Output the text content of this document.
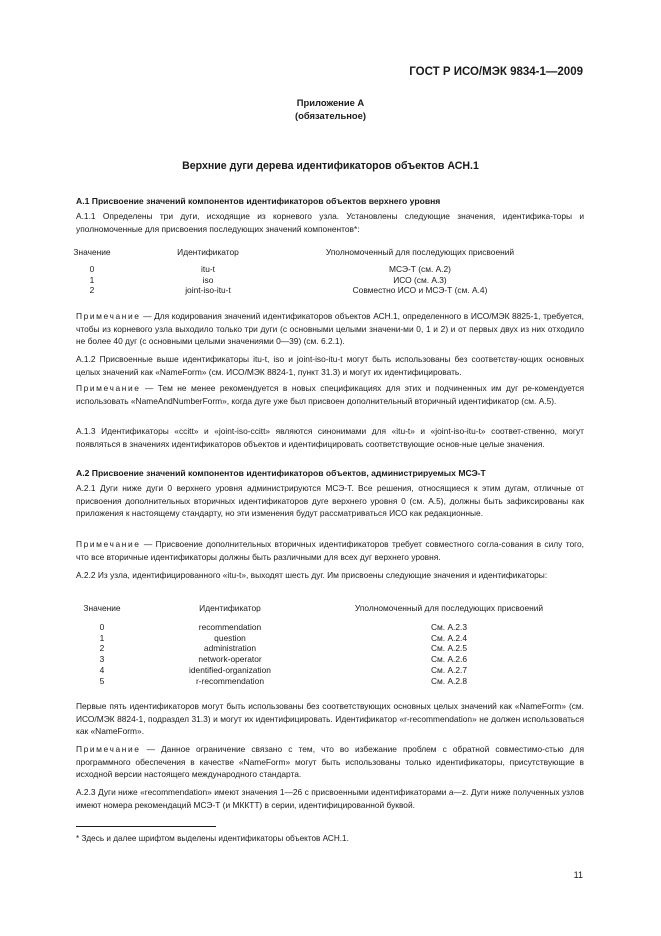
ГОСТ Р ИСО/МЭК 9834-1—2009
Приложение А
(обязательное)
Верхние дуги дерева идентификаторов объектов АСН.1
А.1 Присвоение значений компонентов идентификаторов объектов верхнего уровня
А.1.1 Определены три дуги, исходящие из корневого узла. Установлены следующие значения, идентифика-торы и уполномоченные для присвоения последующих значений компонентов*:
Значение	Идентификатор	Уполномоченный для последующих присвоений

0	itu-t	МСЭ-Т (см. А.2)
1	iso	ИСО (см. А.3)
2	joint-iso-itu-t	Совместно ИСО и МСЭ-Т (см. А.4)
Примечание — Для кодирования значений идентификаторов объектов АСН.1, определенного в ИСО/МЭК 8825-1, требуется, чтобы из корневого узла выходило только три дуги (с основными целыми значени-ми 0, 1 и 2) и от первых двух из них отходило не более 40 дуг (с основными целыми значениями 0—39) (см. 6.2.1).
А.1.2 Присвоенные выше идентификаторы itu-t, iso и joint-iso-itu-t могут быть использованы без соответству-ющих основных целых значений как «NameForm» (см. ИСО/МЭК 8824-1, пункт 31.3) и могут их идентифицировать.
Примечание — Тем не менее рекомендуется в новых спецификациях для этих и подчиненных им дуг ре-комендуется использовать «NameAndNumberForm», когда дуге уже был присвоен дополнительный вторичный идентификатор (см. А.5).
А.1.3 Идентификаторы «ccitt» и «joint-iso-ccitt» являются синонимами для «itu-t» и «joint-iso-itu-t» соответ-ственно, могут появляться в значениях идентификаторов объектов и идентифицировать соответствующие основ-ные целые значения.
А.2 Присвоение значений компонентов идентификаторов объектов, администрируемых МСЭ-Т
А.2.1 Дуги ниже дуги 0 верхнего уровня администрируются МСЭ-Т. Все решения, относящиеся к этим дугам, отличные от присвоения дополнительных вторичных идентификаторов дуге верхнего уровня 0 (см. А.5), должны быть зафиксированы как приложения к настоящему стандарту, но эти изменения будут рассматриваться ИСО как редакционные.
Примечание — Присвоение дополнительных вторичных идентификаторов требует совместного согла-сования в силу того, что все вторичные идентификаторы должны быть различными для всех дуг верхнего уровня.
А.2.2 Из узла, идентифицированного «itu-t», выходят шесть дуг. Им присвоены следующие значения и идентификаторы:
Значение	Идентификатор	Уполномоченный для последующих присвоений

0	recommendation	См. А.2.3
1	question	См. А.2.4
2	administration	См. А.2.5
3	network-operator	См. А.2.6
4	identified-organization	См. А.2.7
5	r-recommendation	См. А.2.8
Первые пять идентификаторов могут быть использованы без соответствующих основных целых значений как «NameForm» (см. ИСО/МЭК 8824-1, подраздел 31.3) и могут их идентифицировать. Идентификатор «r-recommendation» не должен использоваться как «NameForm».
Примечание — Данное ограничение связано с тем, что во избежание проблем с обратной совместимо-стью для программного обеспечения в качестве «NameForm» могут быть использованы только идентификаторы, присутствующие в исходной версии настоящего международного стандарта.
А.2.3 Дуги ниже «recommendation» имеют значения 1—26 с присвоенными идентификаторами a—z. Дуги ниже полученных узлов имеют номера рекомендаций МСЭ-Т (и МККТТ) в серии, идентифицированной буквой.
* Здесь и далее шрифтом выделены идентификаторы объектов АСН.1.
11
